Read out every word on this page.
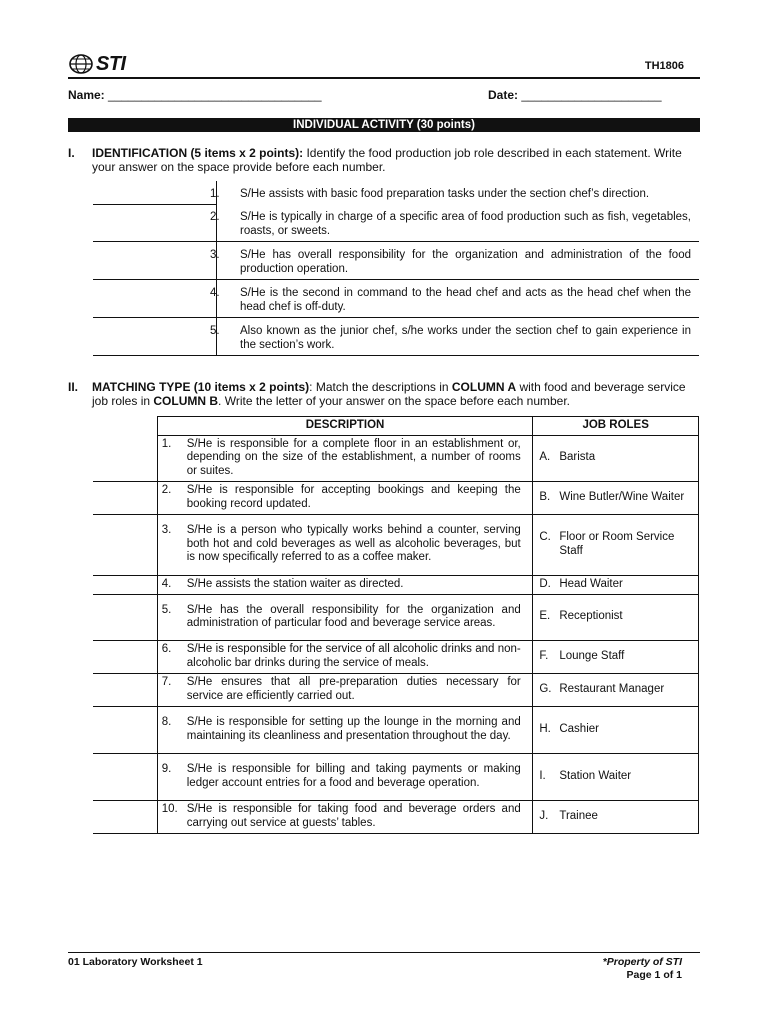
STI	TH1806
Name: ________________________________	Date: _____________________
INDIVIDUAL ACTIVITY (30 points)
I. IDENTIFICATION (5 items x 2 points): Identify the food production job role described in each statement. Write your answer on the space provide before each number.
1. S/He assists with basic food preparation tasks under the section chef’s direction.
2. S/He is typically in charge of a specific area of food production such as fish, vegetables, roasts, or sweets.
3. S/He has overall responsibility for the organization and administration of the food production operation.
4. S/He is the second in command to the head chef and acts as the head chef when the head chef is off-duty.
5. Also known as the junior chef, s/he works under the section chef to gain experience in the section’s work.
II. MATCHING TYPE (10 items x 2 points): Match the descriptions in COLUMN A with food and beverage service job roles in COLUMN B. Write the letter of your answer on the space before each number.
	DESCRIPTION	JOB ROLES
	1. S/He is responsible for a complete floor in an establishment or, depending on the size of the establishment, a number of rooms or suites.	A. Barista
	2. S/He is responsible for accepting bookings and keeping the booking record updated.	B. Wine Butler/Wine Waiter
	3. S/He is a person who typically works behind a counter, serving both hot and cold beverages as well as alcoholic beverages, but is now specifically referred to as a coffee maker.	C. Floor or Room Service Staff
	4. S/He assists the station waiter as directed.	D. Head Waiter
	5. S/He has the overall responsibility for the organization and administration of particular food and beverage service areas.	E. Receptionist
	6. S/He is responsible for the service of all alcoholic drinks and non-alcoholic bar drinks during the service of meals.	F. Lounge Staff
	7. S/He ensures that all pre-preparation duties necessary for service are efficiently carried out.	G. Restaurant Manager
	8. S/He is responsible for setting up the lounge in the morning and maintaining its cleanliness and presentation throughout the day.	H. Cashier
	9. S/He is responsible for billing and taking payments or making ledger account entries for a food and beverage operation.	I. Station Waiter
	10. S/He is responsible for taking food and beverage orders and carrying out service at guests’ tables.	J. Trainee
01 Laboratory Worksheet 1	*Property of STI
Page 1 of 1
